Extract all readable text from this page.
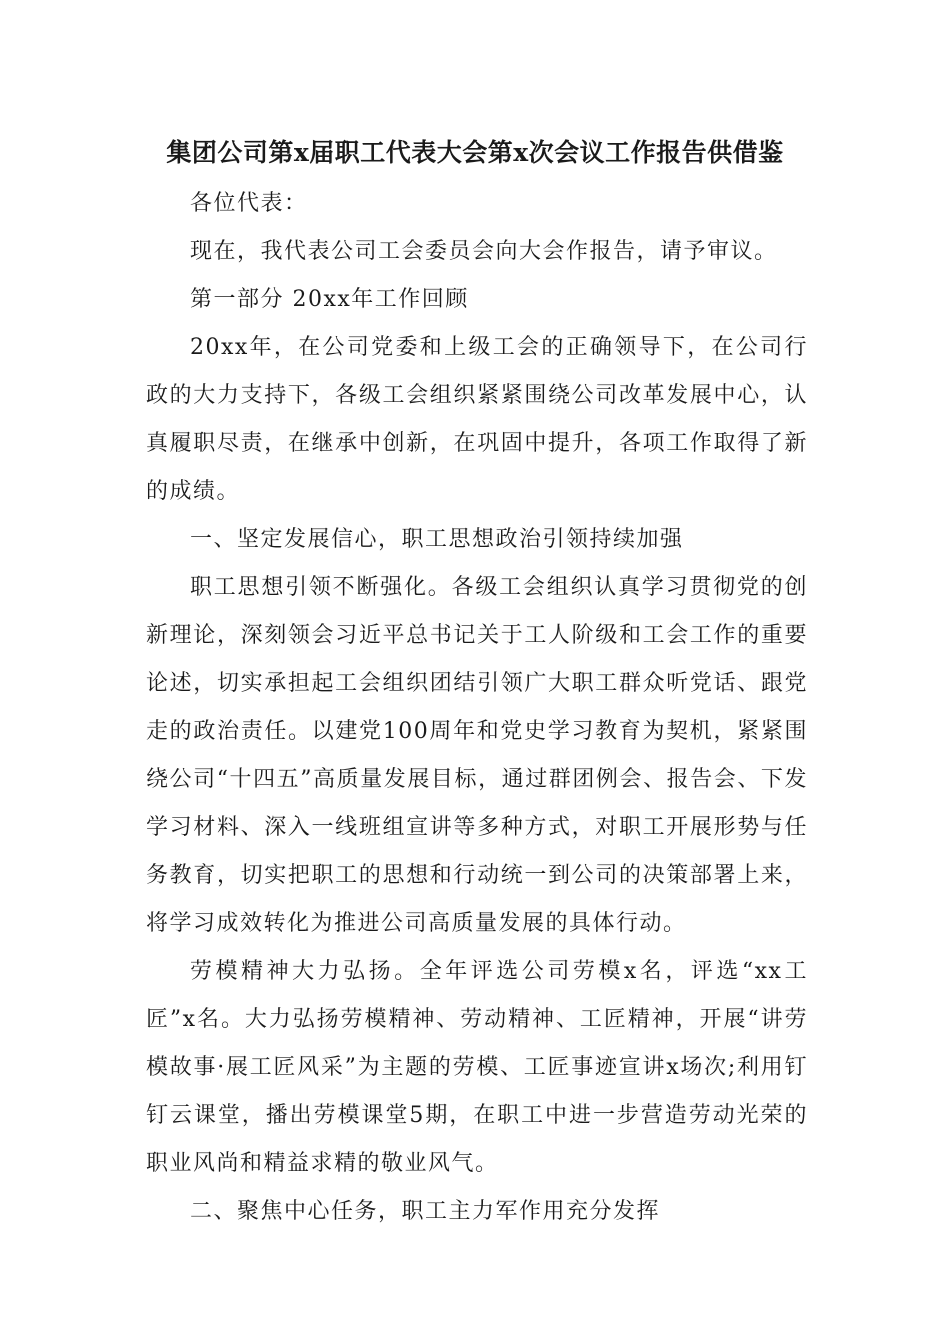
集团公司第x届职工代表大会第x次会议工作报告供借鉴

各位代表：

现在，我代表公司工会委员会向大会作报告，请予审议。

第一部分 20xx年工作回顾

20xx年，在公司党委和上级工会的正确领导下，在公司行政的大力支持下，各级工会组织紧紧围绕公司改革发展中心，认真履职尽责，在继承中创新，在巩固中提升，各项工作取得了新的成绩。

一、坚定发展信心，职工思想政治引领持续加强

职工思想引领不断强化。各级工会组织认真学习贯彻党的创新理论，深刻领会习近平总书记关于工人阶级和工会工作的重要论述，切实承担起工会组织团结引领广大职工群众听党话、跟党走的政治责任。以建党100周年和党史学习教育为契机，紧紧围绕公司“十四五”高质量发展目标，通过群团例会、报告会、下发学习材料、深入一线班组宣讲等多种方式，对职工开展形势与任务教育，切实把职工的思想和行动统一到公司的决策部署上来，将学习成效转化为推进公司高质量发展的具体行动。

劳模精神大力弘扬。全年评选公司劳模x名，评选“xx工匠”x名。大力弘扬劳模精神、劳动精神、工匠精神，开展“讲劳模故事·展工匠风采”为主题的劳模、工匠事迹宣讲x场次;利用钉钉云课堂，播出劳模课堂5期，在职工中进一步营造劳动光荣的职业风尚和精益求精的敬业风气。

二、聚焦中心任务，职工主力军作用充分发挥
